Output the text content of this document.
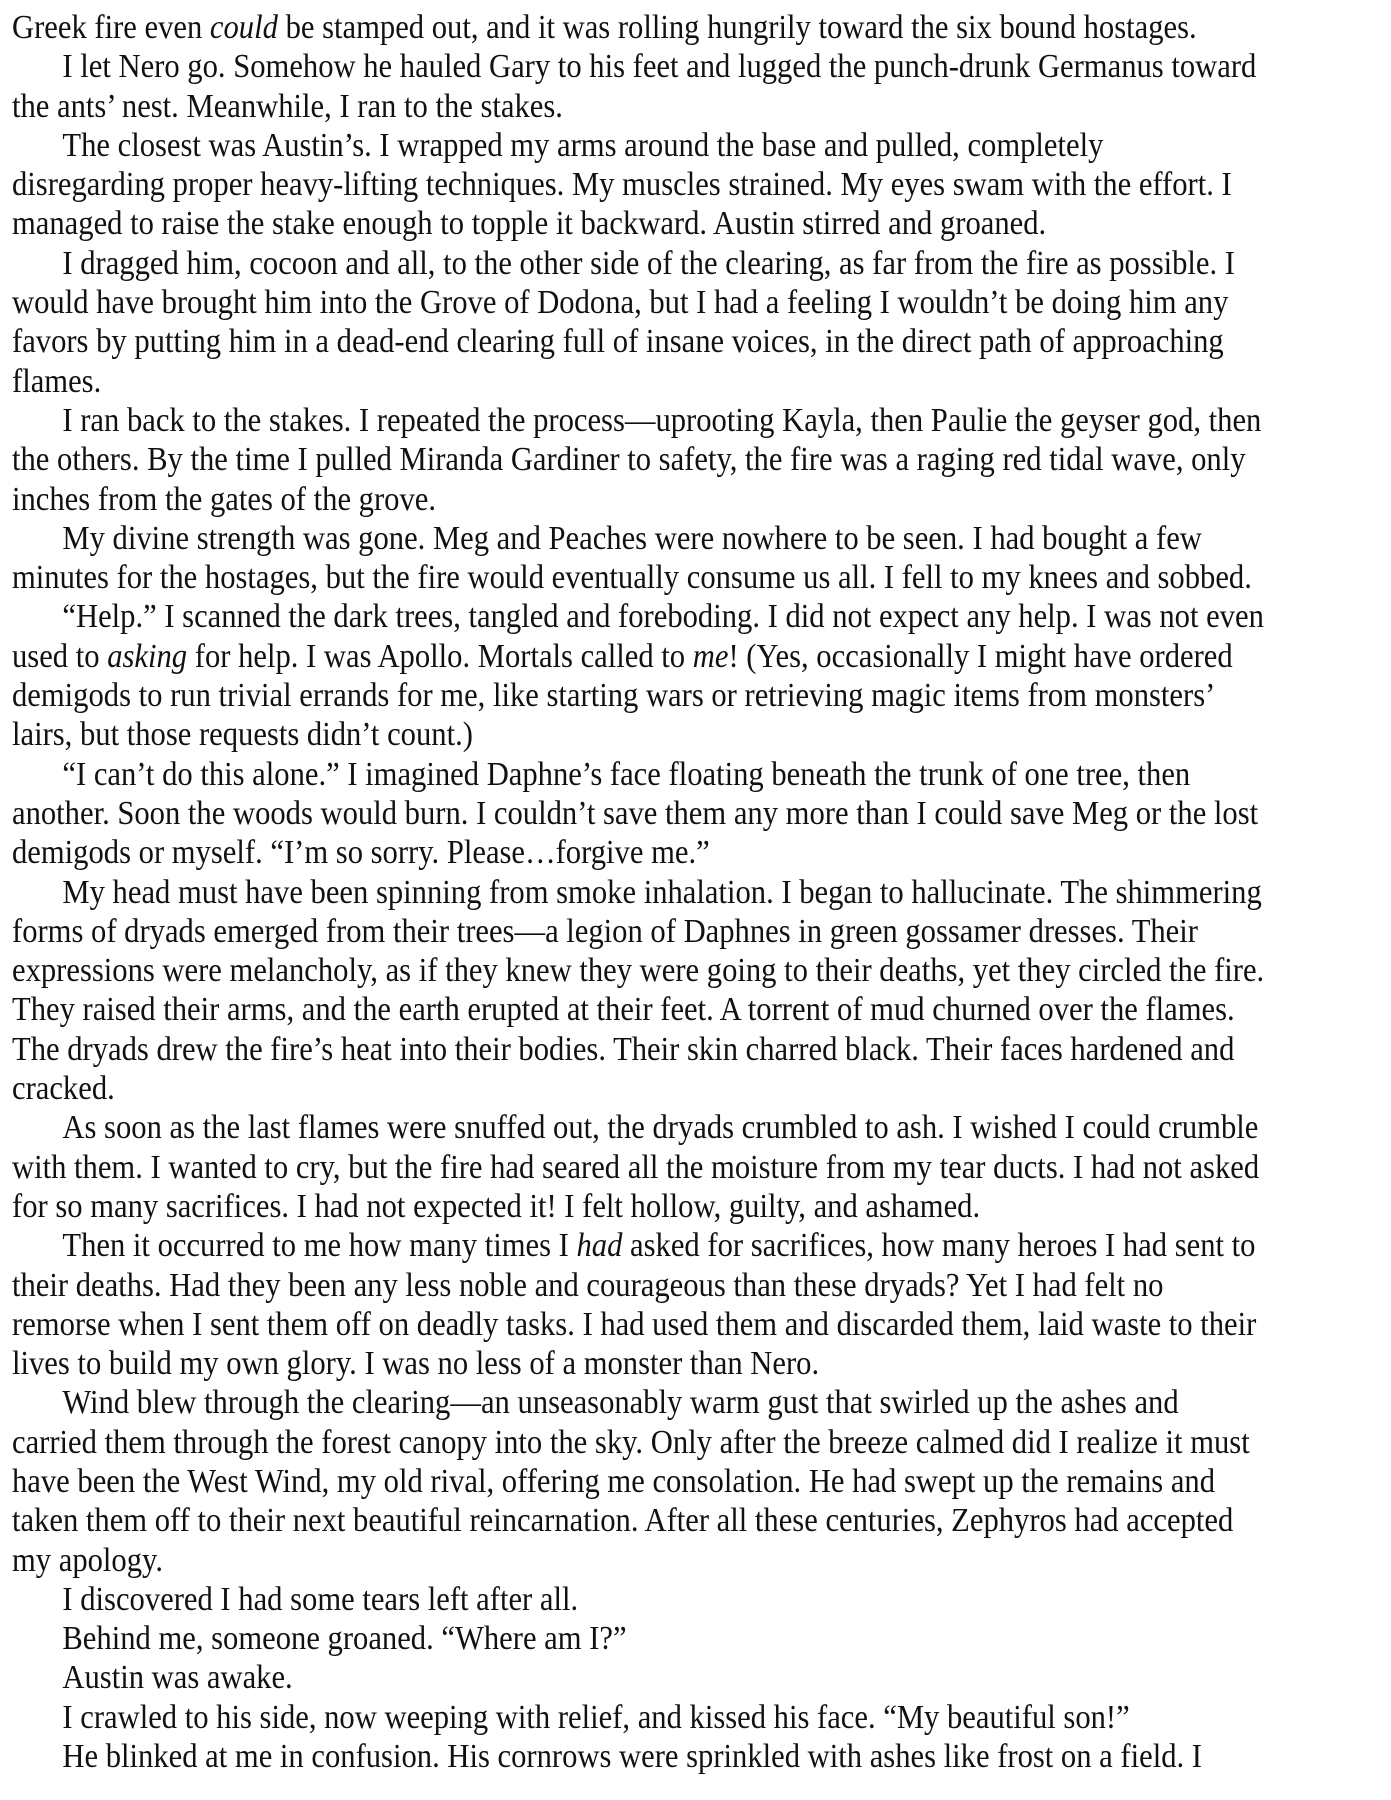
Greek fire even could be stamped out, and it was rolling hungrily toward the six bound hostages.
I let Nero go. Somehow he hauled Gary to his feet and lugged the punch-drunk Germanus toward
the ants’ nest. Meanwhile, I ran to the stakes.
The closest was Austin’s. I wrapped my arms around the base and pulled, completely
disregarding proper heavy-lifting techniques. My muscles strained. My eyes swam with the effort. I
managed to raise the stake enough to topple it backward. Austin stirred and groaned.
I dragged him, cocoon and all, to the other side of the clearing, as far from the fire as possible. I
would have brought him into the Grove of Dodona, but I had a feeling I wouldn’t be doing him any
favors by putting him in a dead-end clearing full of insane voices, in the direct path of approaching
flames.
I ran back to the stakes. I repeated the process—uprooting Kayla, then Paulie the geyser god, then
the others. By the time I pulled Miranda Gardiner to safety, the fire was a raging red tidal wave, only
inches from the gates of the grove.
My divine strength was gone. Meg and Peaches were nowhere to be seen. I had bought a few
minutes for the hostages, but the fire would eventually consume us all. I fell to my knees and sobbed.
“Help.” I scanned the dark trees, tangled and foreboding. I did not expect any help. I was not even
used to asking for help. I was Apollo. Mortals called to me! (Yes, occasionally I might have ordered
demigods to run trivial errands for me, like starting wars or retrieving magic items from monsters’
lairs, but those requests didn’t count.)
“I can’t do this alone.” I imagined Daphne’s face floating beneath the trunk of one tree, then
another. Soon the woods would burn. I couldn’t save them any more than I could save Meg or the lost
demigods or myself. “I’m so sorry. Please…forgive me.”
My head must have been spinning from smoke inhalation. I began to hallucinate. The shimmering
forms of dryads emerged from their trees—a legion of Daphnes in green gossamer dresses. Their
expressions were melancholy, as if they knew they were going to their deaths, yet they circled the fire.
They raised their arms, and the earth erupted at their feet. A torrent of mud churned over the flames.
The dryads drew the fire’s heat into their bodies. Their skin charred black. Their faces hardened and
cracked.
As soon as the last flames were snuffed out, the dryads crumbled to ash. I wished I could crumble
with them. I wanted to cry, but the fire had seared all the moisture from my tear ducts. I had not asked
for so many sacrifices. I had not expected it! I felt hollow, guilty, and ashamed.
Then it occurred to me how many times I had asked for sacrifices, how many heroes I had sent to
their deaths. Had they been any less noble and courageous than these dryads? Yet I had felt no
remorse when I sent them off on deadly tasks. I had used them and discarded them, laid waste to their
lives to build my own glory. I was no less of a monster than Nero.
Wind blew through the clearing—an unseasonably warm gust that swirled up the ashes and
carried them through the forest canopy into the sky. Only after the breeze calmed did I realize it must
have been the West Wind, my old rival, offering me consolation. He had swept up the remains and
taken them off to their next beautiful reincarnation. After all these centuries, Zephyros had accepted
my apology.
I discovered I had some tears left after all.
Behind me, someone groaned. “Where am I?”
Austin was awake.
I crawled to his side, now weeping with relief, and kissed his face. “My beautiful son!”
He blinked at me in confusion. His cornrows were sprinkled with ashes like frost on a field. I
